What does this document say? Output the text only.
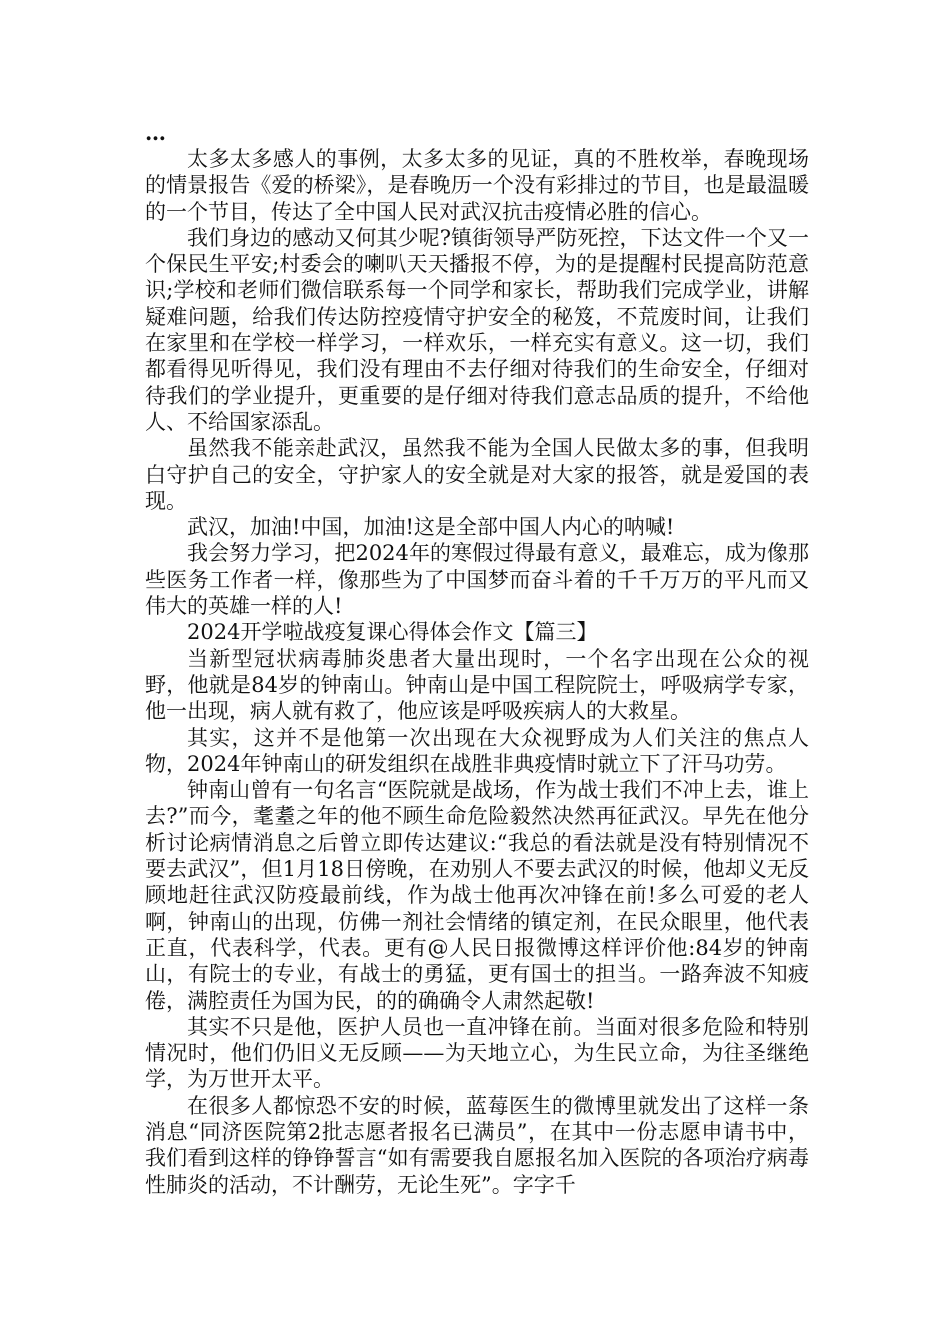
…

太多太多感人的事例，太多太多的见证，真的不胜枚举，春晚现场的情景报告《爱的桥梁》，是春晚历一个没有彩排过的节目，也是最温暖的一个节目，传达了全中国人民对武汉抗击疫情必胜的信心。

我们身边的感动又何其少呢?镇街领导严防死控，下达文件一个又一个保民生平安;村委会的喇叭天天播报不停，为的是提醒村民提高防范意识;学校和老师们微信联系每一个同学和家长，帮助我们完成学业，讲解疑难问题，给我们传达防控疫情守护安全的秘笈，不荒废时间，让我们在家里和在学校一样学习，一样欢乐，一样充实有意义。这一切，我们都看得见听得见，我们没有理由不去仔细对待我们的生命安全，仔细对待我们的学业提升，更重要的是仔细对待我们意志品质的提升，不给他人、不给国家添乱。

虽然我不能亲赴武汉，虽然我不能为全国人民做太多的事，但我明白守护自己的安全，守护家人的安全就是对大家的报答，就是爱国的表现。

武汉，加油!中国，加油!这是全部中国人内心的呐喊!

我会努力学习，把2024年的寒假过得最有意义，最难忘，成为像那些医务工作者一样，像那些为了中国梦而奋斗着的千千万万的平凡而又伟大的英雄一样的人!

2024开学啦战疫复课心得体会作文【篇三】

当新型冠状病毒肺炎患者大量出现时，一个名字出现在公众的视野，他就是84岁的钟南山。钟南山是中国工程院院士，呼吸病学专家，他一出现，病人就有救了，他应该是呼吸疾病人的大救星。

其实，这并不是他第一次出现在大众视野成为人们关注的焦点人物，2024年钟南山的研发组织在战胜非典疫情时就立下了汗马功劳。

钟南山曾有一句名言“医院就是战场，作为战士我们不冲上去，谁上去?”而今，耄耋之年的他不顾生命危险毅然决然再征武汉。早先在他分析讨论病情消息之后曾立即传达建议:“我总的看法就是没有特别情况不要去武汉”，但1月18日傍晚，在劝别人不要去武汉的时候，他却义无反顾地赶往武汉防疫最前线，作为战士他再次冲锋在前!多么可爱的老人啊，钟南山的出现，仿佛一剂社会情绪的镇定剂，在民众眼里，他代表正直，代表科学，代表。更有@人民日报微博这样评价他:84岁的钟南山，有院士的专业，有战士的勇猛，更有国士的担当。一路奔波不知疲倦，满腔责任为国为民，的的确确令人肃然起敬!

其实不只是他，医护人员也一直冲锋在前。当面对很多危险和特别情况时，他们仍旧义无反顾——为天地立心，为生民立命，为往圣继绝学，为万世开太平。

在很多人都惊恐不安的时候，蓝莓医生的微博里就发出了这样一条消息“同济医院第2批志愿者报名已满员”，在其中一份志愿申请书中，我们看到这样的铮铮誓言“如有需要我自愿报名加入医院的各项治疗病毒性肺炎的活动，不计酬劳，无论生死”。字字千
